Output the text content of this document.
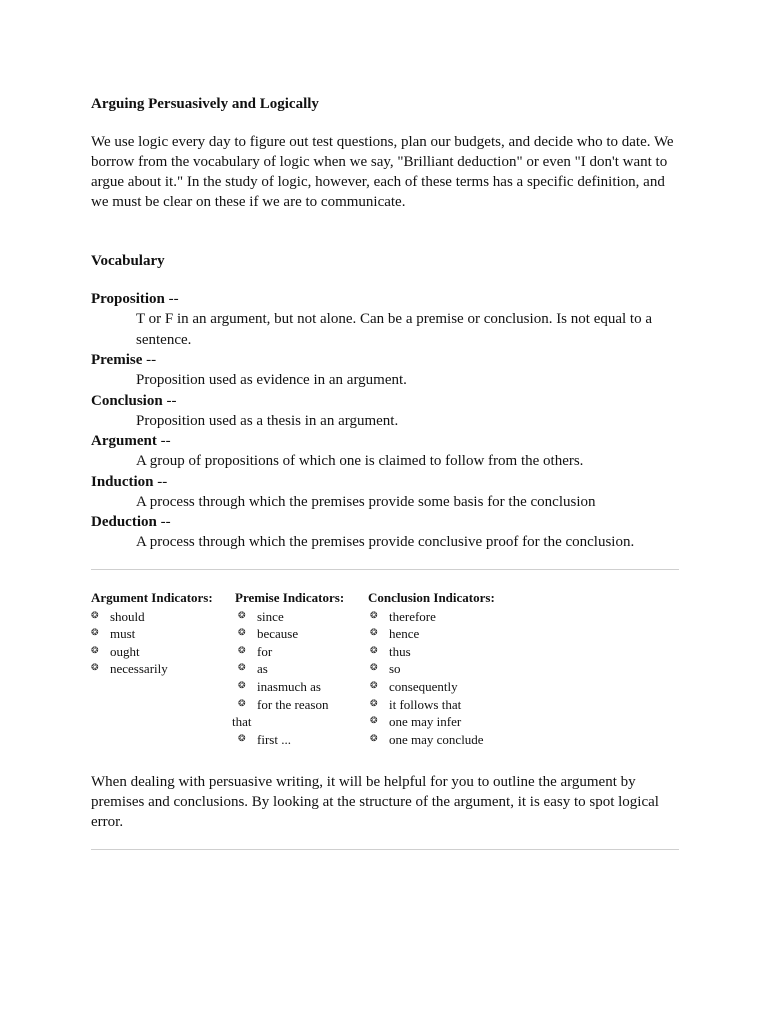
Arguing Persuasively and Logically

We use logic every day to figure out test questions, plan our budgets, and decide who to date. We borrow from the vocabulary of logic when we say, "Brilliant deduction" or even "I don't want to argue about it." In the study of logic, however, each of these terms has a specific definition, and we must be clear on these if we are to communicate.

Vocabulary

Proposition --

T or F in an argument, but not alone. Can be a premise or conclusion. Is not equal to a sentence.

Premise --

Proposition used as evidence in an argument.

Conclusion --

Proposition used as a thesis in an argument.

Argument --

A group of propositions of which one is claimed to follow from the others.

Induction --

A process through which the premises provide some basis for the conclusion

Deduction --

A process through which the premises provide conclusive proof for the conclusion.

Argument Indicators:
❂ should
❂ must
❂ ought
❂ necessarily
Premise Indicators:
❂ since
❂ because
❂ for
❂ as
❂ inasmuch as
❂ for the reason
that
❂ first ...
Conclusion Indicators:
❂ therefore
❂ hence
❂ thus
❂ so
❂ consequently
❂ it follows that
❂ one may infer
❂ one may conclude

When dealing with persuasive writing, it will be helpful for you to outline the argument by premises and conclusions. By looking at the structure of the argument, it is easy to spot logical error.
